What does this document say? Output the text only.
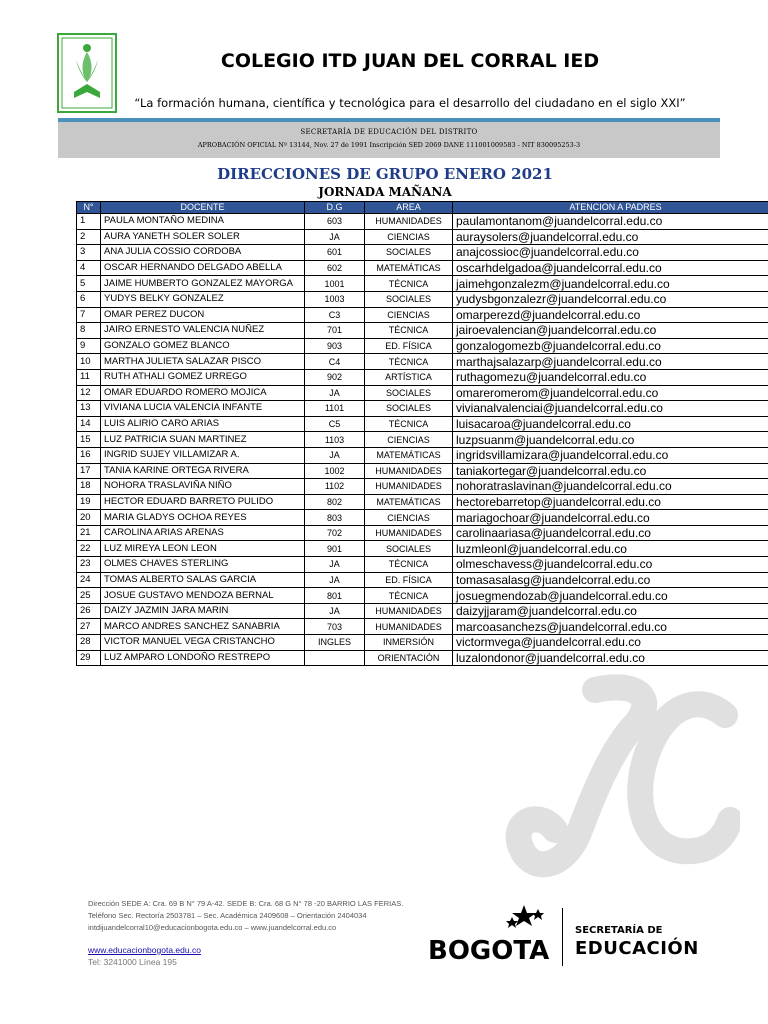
COLEGIO ITD JUAN DEL CORRAL IED
“La formación humana, científica y tecnológica para el desarrollo del ciudadano en el siglo XXI”
SECRETARÍA DE EDUCACIÓN DEL DISTRITO
APROBACIÓN OFICIAL Nº 13144, Nov. 27 de 1991 Inscripción SED 2069 DANE 111001009583 - NIT 830095253-3
DIRECCIONES DE GRUPO ENERO 2021
JORNADA MAÑANA
N°	DOCENTE	D.G	AREA	ATENCION A PADRES
1	PAULA MONTAÑO MEDINA	603	HUMANIDADES	paulamontanom@juandelcorral.edu.co
2	AURA YANETH SOLER SOLER	JA	CIENCIAS	auraysolers@juandelcorral.edu.co
3	ANA JULIA COSSIO CORDOBA	601	SOCIALES	anajcossioc@juandelcorral.edu.co
4	OSCAR HERNANDO DELGADO ABELLA	602	MATEMÁTICAS	oscarhdelgadoa@juandelcorral.edu.co
5	JAIME HUMBERTO GONZALEZ MAYORGA	1001	TÉCNICA	jaimehgonzalezm@juandelcorral.edu.co
6	YUDYS BELKY GONZALEZ	1003	SOCIALES	yudysbgonzalezr@juandelcorral.edu.co
7	OMAR PEREZ DUCON	C3	CIENCIAS	omarperezd@juandelcorral.edu.co
8	JAIRO ERNESTO VALENCIA NUÑEZ	701	TÉCNICA	jairoevalencian@juandelcorral.edu.co
9	GONZALO GOMEZ BLANCO	903	ED. FÍSICA	gonzalogomezb@juandelcorral.edu.co
10	MARTHA JULIETA SALAZAR PISCO	C4	TÉCNICA	marthajsalazarp@juandelcorral.edu.co
11	RUTH ATHALI GOMEZ URREGO	902	ARTÍSTICA	ruthagomezu@juandelcorral.edu.co
12	OMAR EDUARDO ROMERO MOJICA	JA	SOCIALES	omareromerom@juandelcorral.edu.co
13	VIVIANA LUCIA VALENCIA INFANTE	1101	SOCIALES	vivianalvalenciai@juandelcorral.edu.co
14	LUIS ALIRIO CARO ARIAS	C5	TÉCNICA	luisacaroa@juandelcorral.edu.co
15	LUZ PATRICIA SUAN MARTINEZ	1103	CIENCIAS	luzpsuanm@juandelcorral.edu.co
16	INGRID SUJEY VILLAMIZAR A.	JA	MATEMÁTICAS	ingridsvillamizara@juandelcorral.edu.co
17	TANIA KARINE ORTEGA RIVERA	1002	HUMANIDADES	taniakortegar@juandelcorral.edu.co
18	NOHORA TRASLAVIÑA NIÑO	1102	HUMANIDADES	nohoratraslavinan@juandelcorral.edu.co
19	HECTOR EDUARD BARRETO PULIDO	802	MATEMÁTICAS	hectorebarretop@juandelcorral.edu.co
20	MARIA GLADYS OCHOA REYES	803	CIENCIAS	mariagochoar@juandelcorral.edu.co
21	CAROLINA ARIAS ARENAS	702	HUMANIDADES	carolinaariasa@juandelcorral.edu.co
22	LUZ MIREYA LEON LEON	901	SOCIALES	luzmleonl@juandelcorral.edu.co
23	OLMES CHAVES STERLING	JA	TÉCNICA	olmeschavess@juandelcorral.edu.co
24	TOMAS ALBERTO SALAS GARCIA	JA	ED. FÍSICA	tomasasalasg@juandelcorral.edu.co
25	JOSUE GUSTAVO MENDOZA BERNAL	801	TÉCNICA	josuegmendozab@juandelcorral.edu.co
26	DAIZY JAZMIN JARA MARIN	JA	HUMANIDADES	daizyjjaram@juandelcorral.edu.co
27	MARCO ANDRES SANCHEZ SANABRIA	703	HUMANIDADES	marcoasanchezs@juandelcorral.edu.co
28	VICTOR MANUEL VEGA CRISTANCHO	INGLES	INMERSIÓN	victormvega@juandelcorral.edu.co
29	LUZ AMPARO LONDOÑO RESTREPO		ORIENTACIÓN	luzalondonor@juandelcorral.edu.co
Dirección SEDE A: Cra. 69 B N° 79 A-42. SEDE B: Cra. 68 G N° 78 -20 BARRIO LAS FERIAS.
Teléfono Sec. Rectoría 2503781 – Sec. Académica 2409608 – Orientación 2404034
intdijuandelcorral10@educacionbogota.edu.co – www.juandelcorral.edu.co
www.educacionbogota.edu.co
Tel: 3241000 Línea 195	BOGOTA
SECRETARÍA DE
EDUCACIÓN
